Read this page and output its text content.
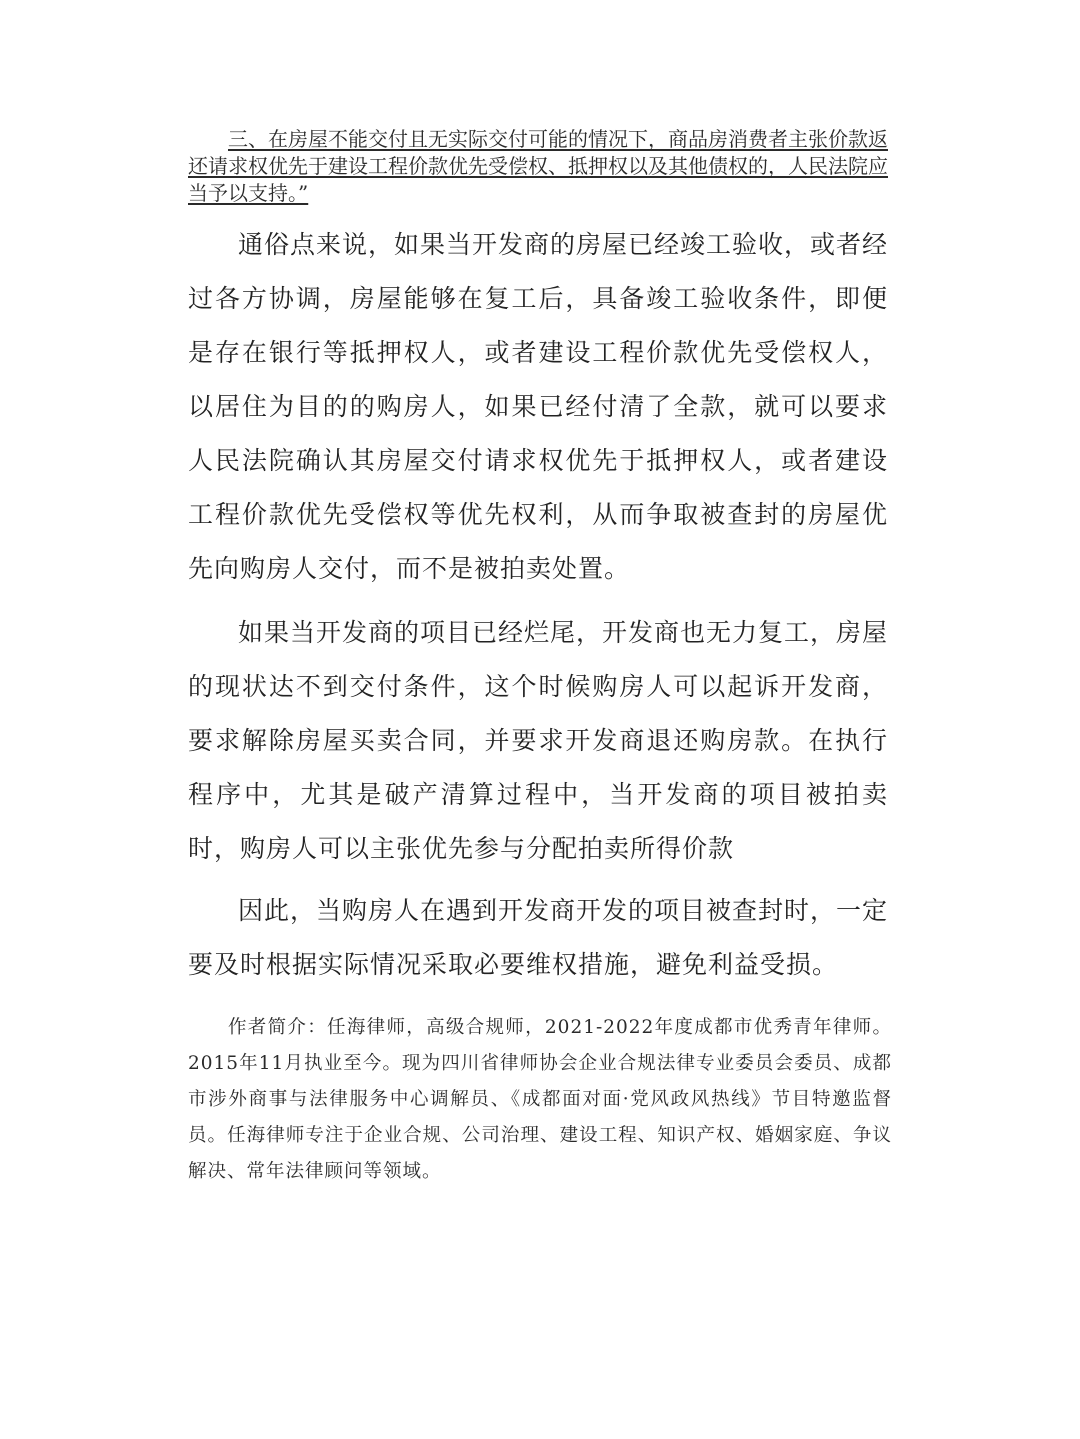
三、在房屋不能交付且无实际交付可能的情况下，商品房消费者主张价款返还请求权优先于建设工程价款优先受偿权、抵押权以及其他债权的，人民法院应当予以支持。”

通俗点来说，如果当开发商的房屋已经竣工验收，或者经过各方协调，房屋能够在复工后，具备竣工验收条件，即便是存在银行等抵押权人，或者建设工程价款优先受偿权人，以居住为目的的购房人，如果已经付清了全款，就可以要求人民法院确认其房屋交付请求权优先于抵押权人，或者建设工程价款优先受偿权等优先权利，从而争取被查封的房屋优先向购房人交付，而不是被拍卖处置。

如果当开发商的项目已经烂尾，开发商也无力复工，房屋的现状达不到交付条件，这个时候购房人可以起诉开发商，要求解除房屋买卖合同，并要求开发商退还购房款。在执行程序中，尤其是破产清算过程中，当开发商的项目被拍卖时，购房人可以主张优先参与分配拍卖所得价款

因此，当购房人在遇到开发商开发的项目被查封时，一定要及时根据实际情况采取必要维权措施，避免利益受损。

作者简介：任海律师，高级合规师，2021-2022年度成都市优秀青年律师。2015年11月执业至今。现为四川省律师协会企业合规法律专业委员会委员、成都市涉外商事与法律服务中心调解员、《成都面对面·党风政风热线》节目特邀监督员。任海律师专注于企业合规、公司治理、建设工程、知识产权、婚姻家庭、争议解决、常年法律顾问等领域。
